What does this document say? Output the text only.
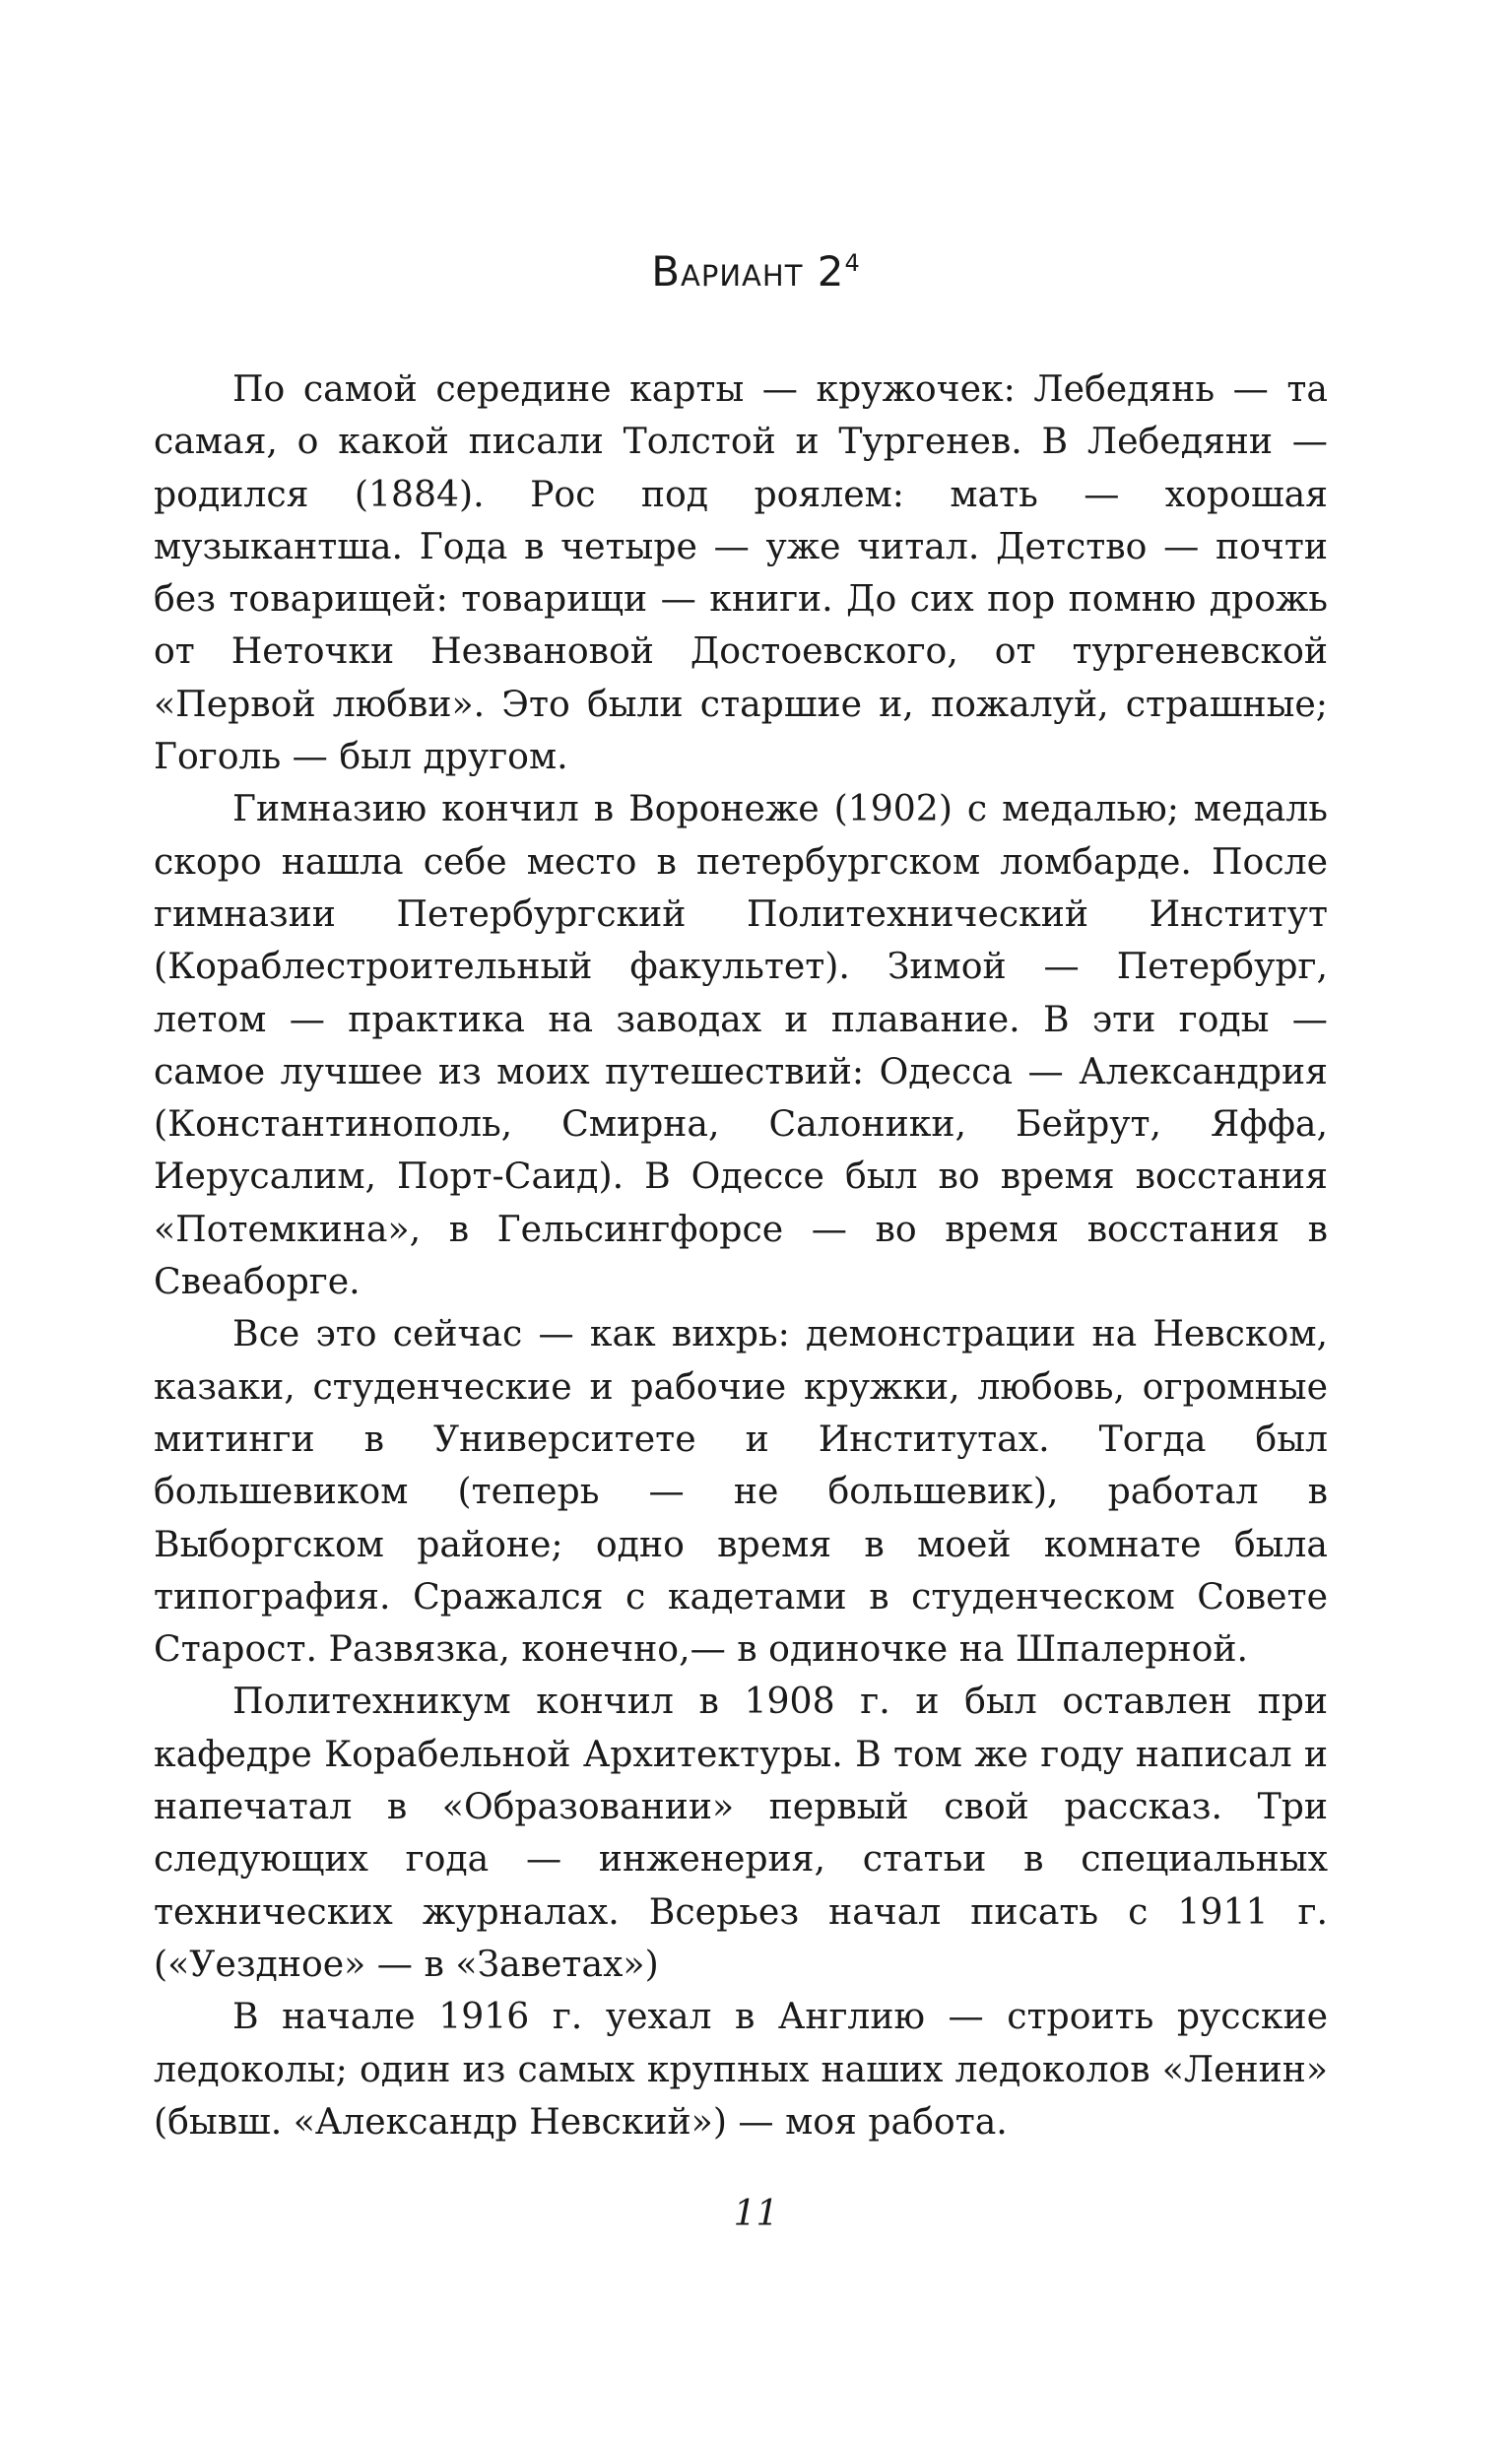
Вариант $2^4$

По самой середине карты — кружочек: Лебедянь — та самая, о какой писали Толстой и Тургенев. В Лебедяни — родился (1884). Рос под роялем: мать — хорошая музыкантша. Года в четыре — уже читал. Детство — почти без товарищей: товарищи — книги. До сих пор помню дрожь от Неточки Незвановой Достоевского, от тургеневской «Первой любви». Это были старшие и, пожалуй, страшные; Гоголь — был другом.

Гимназию кончил в Воронеже (1902) с медалью; медаль скоро нашла себе место в петербургском ломбарде. После гимназии Петербургский Политехнический Институт (Кораблестроительный факультет). Зимой — Петербург, летом — практика на заводах и плавание. В эти годы — самое лучшее из моих путешествий: Одесса — Александрия (Константинополь, Смирна, Салоники, Бейрут, Яффа, Иерусалим, Порт-Саид). В Одессе был во время восстания «Потемкина», в Гельсингфорсе — во время восстания в Свеаборге.

Все это сейчас — как вихрь: демонстрации на Невском, казаки, студенческие и рабочие кружки, любовь, огромные митинги в Университете и Институтах. Тогда был большевиком (теперь — не большевик), работал в Выборгском районе; одно время в моей комнате была типография. Сражался с кадетами в студенческом Совете Старост. Развязка, конечно,— в одиночке на Шпалерной.

Политехникум кончил в 1908 г. и был оставлен при кафедре Корабельной Архитектуры. В том же году написал и напечатал в «Образовании» первый свой рассказ. Три следующих года — инженерия, статьи в специальных технических журналах. Всерьез начал писать с 1911 г. («Уездное» — в «Заветах»)

В начале 1916 г. уехал в Англию — строить русские ледоколы; один из самых крупных наших ледоколов «Ленин» (бывш. «Александр Невский») — моя работа.

11
